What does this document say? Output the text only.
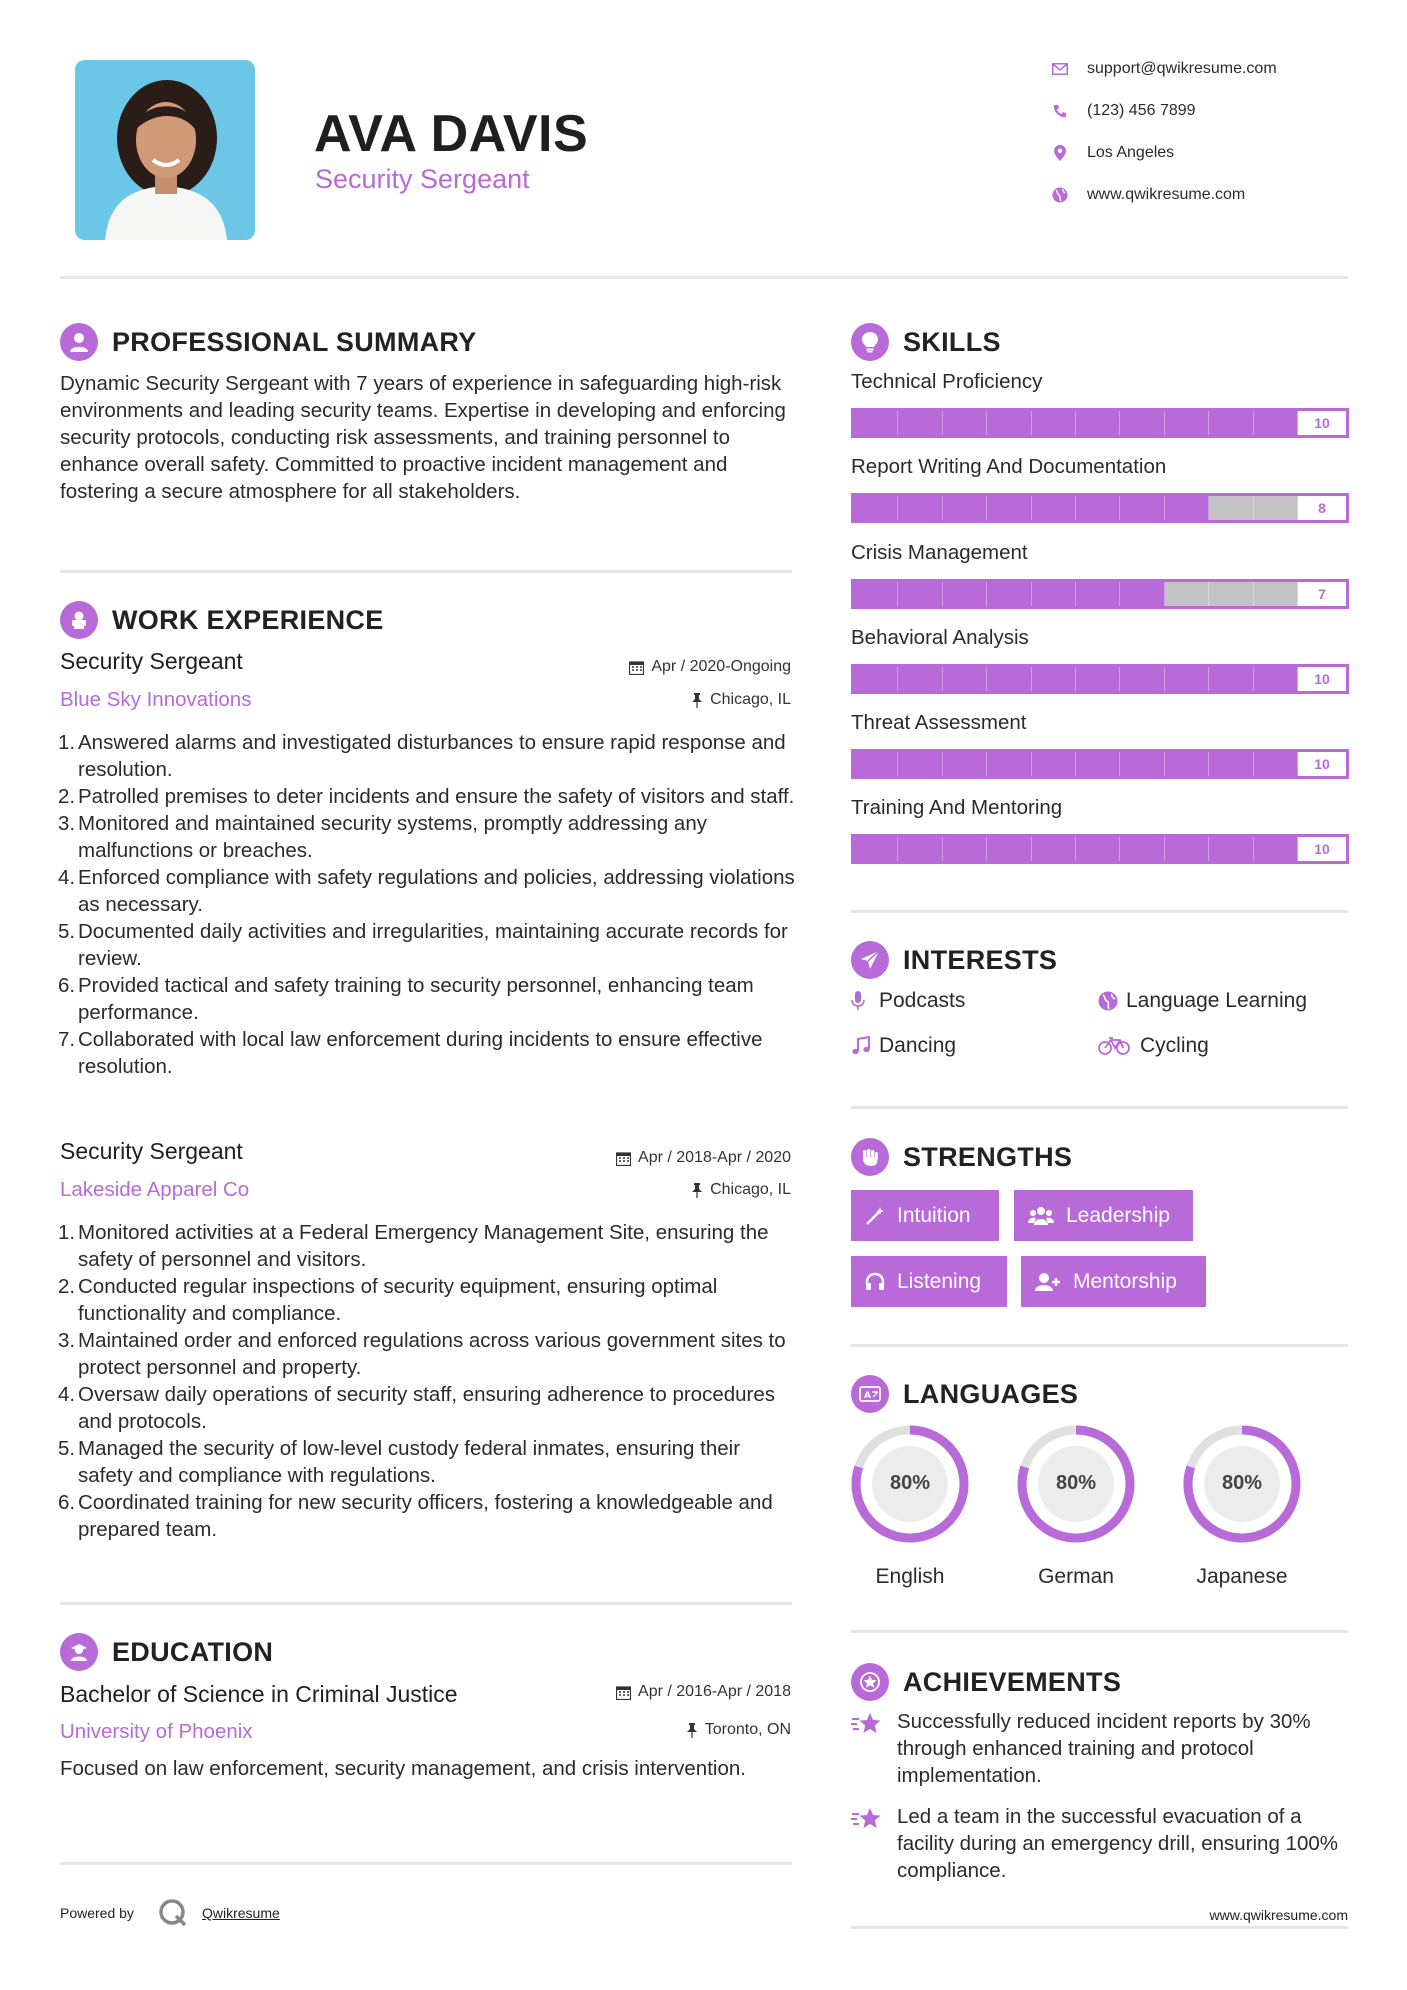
AVA DAVIS
Security Sergeant
support@qwikresume.com
(123) 456 7899
Los Angeles
www.qwikresume.com
PROFESSIONAL SUMMARY
Dynamic Security Sergeant with 7 years of experience in safeguarding high-risk environments and leading security teams. Expertise in developing and enforcing security protocols, conducting risk assessments, and training personnel to enhance overall safety. Committed to proactive incident management and fostering a secure atmosphere for all stakeholders.
WORK EXPERIENCE
Security Sergeant	Apr / 2020-Ongoing
Blue Sky Innovations	Chicago, IL
Answered alarms and investigated disturbances to ensure rapid response and resolution.
Patrolled premises to deter incidents and ensure the safety of visitors and staff.
Monitored and maintained security systems, promptly addressing any malfunctions or breaches.
Enforced compliance with safety regulations and policies, addressing violations as necessary.
Documented daily activities and irregularities, maintaining accurate records for review.
Provided tactical and safety training to security personnel, enhancing team performance.
Collaborated with local law enforcement during incidents to ensure effective resolution.
Security Sergeant	Apr / 2018-Apr / 2020
Lakeside Apparel Co	Chicago, IL
Monitored activities at a Federal Emergency Management Site, ensuring the safety of personnel and visitors.
Conducted regular inspections of security equipment, ensuring optimal functionality and compliance.
Maintained order and enforced regulations across various government sites to protect personnel and property.
Oversaw daily operations of security staff, ensuring adherence to procedures and protocols.
Managed the security of low-level custody federal inmates, ensuring their safety and compliance with regulations.
Coordinated training for new security officers, fostering a knowledgeable and prepared team.
EDUCATION
Bachelor of Science in Criminal Justice	Apr / 2016-Apr / 2018
University of Phoenix	Toronto, ON
Focused on law enforcement, security management, and crisis intervention.
SKILLS
Technical Proficiency
10
Report Writing And Documentation
8
Crisis Management
7
Behavioral Analysis
10
Threat Assessment
10
Training And Mentoring
10
INTERESTS
Podcasts	Language Learning
Dancing	Cycling
STRENGTHS
Intuition	Leadership
Listening	Mentorship
A LANGUAGES
80%
English
80%
German
80%
Japanese
ACHIEVEMENTS
Successfully reduced incident reports by 30% through enhanced training and protocol implementation.
Led a team in the successful evacuation of a facility during an emergency drill, ensuring 100% compliance.
Powered by	Qwikresume	www.qwikresume.com
